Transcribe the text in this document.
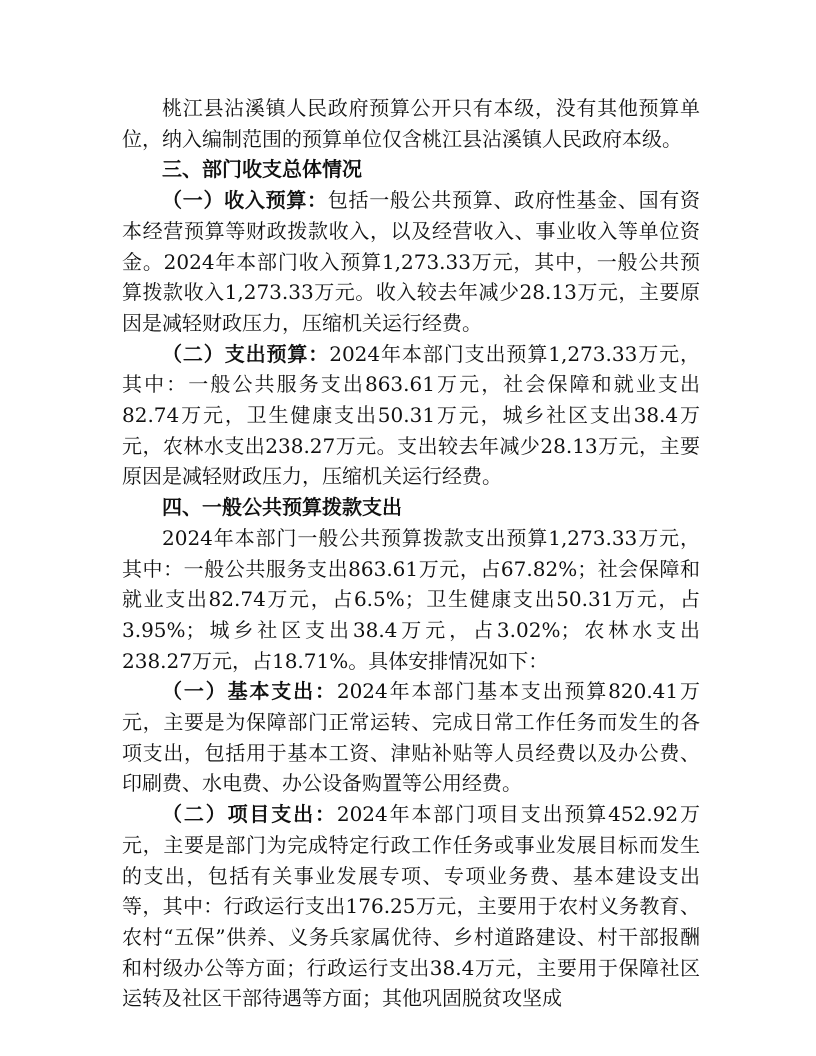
桃江县沾溪镇人民政府预算公开只有本级，没有其他预算单位，纳入编制范围的预算单位仅含桃江县沾溪镇人民政府本级。

三、部门收支总体情况

（一）收入预算：包括一般公共预算、政府性基金、国有资本经营预算等财政拨款收入，以及经营收入、事业收入等单位资金。2024年本部门收入预算1,273.33万元，其中，一般公共预算拨款收入1,273.33万元。收入较去年减少28.13万元，主要原因是减轻财政压力，压缩机关运行经费。

（二）支出预算：2024年本部门支出预算1,273.33万元，其中：一般公共服务支出863.61万元，社会保障和就业支出82.74万元，卫生健康支出50.31万元，城乡社区支出38.4万元，农林水支出238.27万元。支出较去年减少28.13万元，主要原因是减轻财政压力，压缩机关运行经费。

四、一般公共预算拨款支出

2024年本部门一般公共预算拨款支出预算1,273.33万元，其中：一般公共服务支出863.61万元，占67.82%；社会保障和就业支出82.74万元，占6.5%；卫生健康支出50.31万元，占3.95%；城乡社区支出38.4万元，占3.02%；农林水支出238.27万元，占18.71%。具体安排情况如下：

（一）基本支出：2024年本部门基本支出预算820.41万元，主要是为保障部门正常运转、完成日常工作任务而发生的各项支出，包括用于基本工资、津贴补贴等人员经费以及办公费、印刷费、水电费、办公设备购置等公用经费。

（二）项目支出：2024年本部门项目支出预算452.92万元，主要是部门为完成特定行政工作任务或事业发展目标而发生的支出，包括有关事业发展专项、专项业务费、基本建设支出等，其中：行政运行支出176.25万元，主要用于农村义务教育、农村“五保”供养、义务兵家属优待、乡村道路建设、村干部报酬和村级办公等方面；行政运行支出38.4万元，主要用于保障社区运转及社区干部待遇等方面；其他巩固脱贫攻坚成
